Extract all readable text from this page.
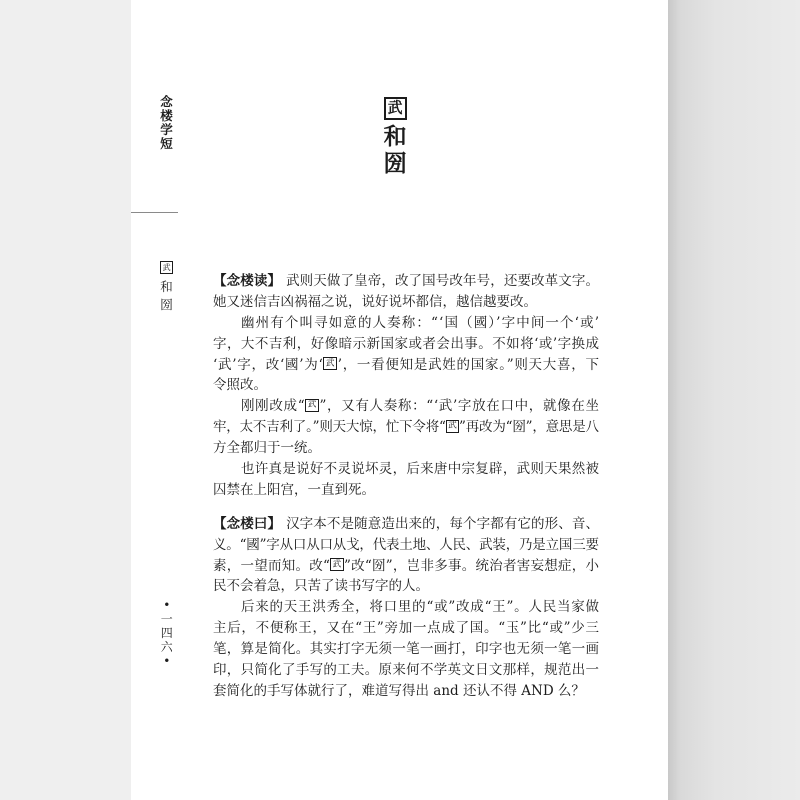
念楼学短
武
和圀
•一四六•
武
和圀
【念楼读】 武则天做了皇帝，改了国号改年号，还要改革文字。
她又迷信吉凶祸福之说，说好说坏都信，越信越要改。
幽州有个叫寻如意的人奏称：“‘国（國）’字中间一个‘或’
字，大不吉利，好像暗示新国家或者会出事。不如将‘或’字换成
‘武’字，改‘國’为‘ 武 ’，一看便知是武姓的国家。”则天大喜，下
令照改。
刚刚改成“ 武 ”，又有人奏称：“‘武’字放在口中，就像在坐
牢，太不吉利了。”则天大惊，忙下令将“ 武 ”再改为“圀”，意思是八
方全都归于一统。
也许真是说好不灵说坏灵，后来唐中宗复辟，武则天果然被
囚禁在上阳宫，一直到死。
【念楼曰】 汉字本不是随意造出来的，每个字都有它的形、音、
义。“國”字从口从口从戈，代表土地、人民、武装，乃是立国三要
素，一望而知。改“ 武 ”改“圀”，岂非多事。统治者害妄想症，小
民不会着急，只苦了读书写字的人。
后来的天王洪秀全，将口里的“或”改成“王”。人民当家做
主后，不便称王，又在“王”旁加一点成了国。“玉”比“或”少三
笔，算是简化。其实打字无须一笔一画打，印字也无须一笔一画
印，只简化了手写的工夫。原来何不学英文日文那样，规范出一
套简化的手写体就行了，难道写得出 and 还认不得 AND 么？
